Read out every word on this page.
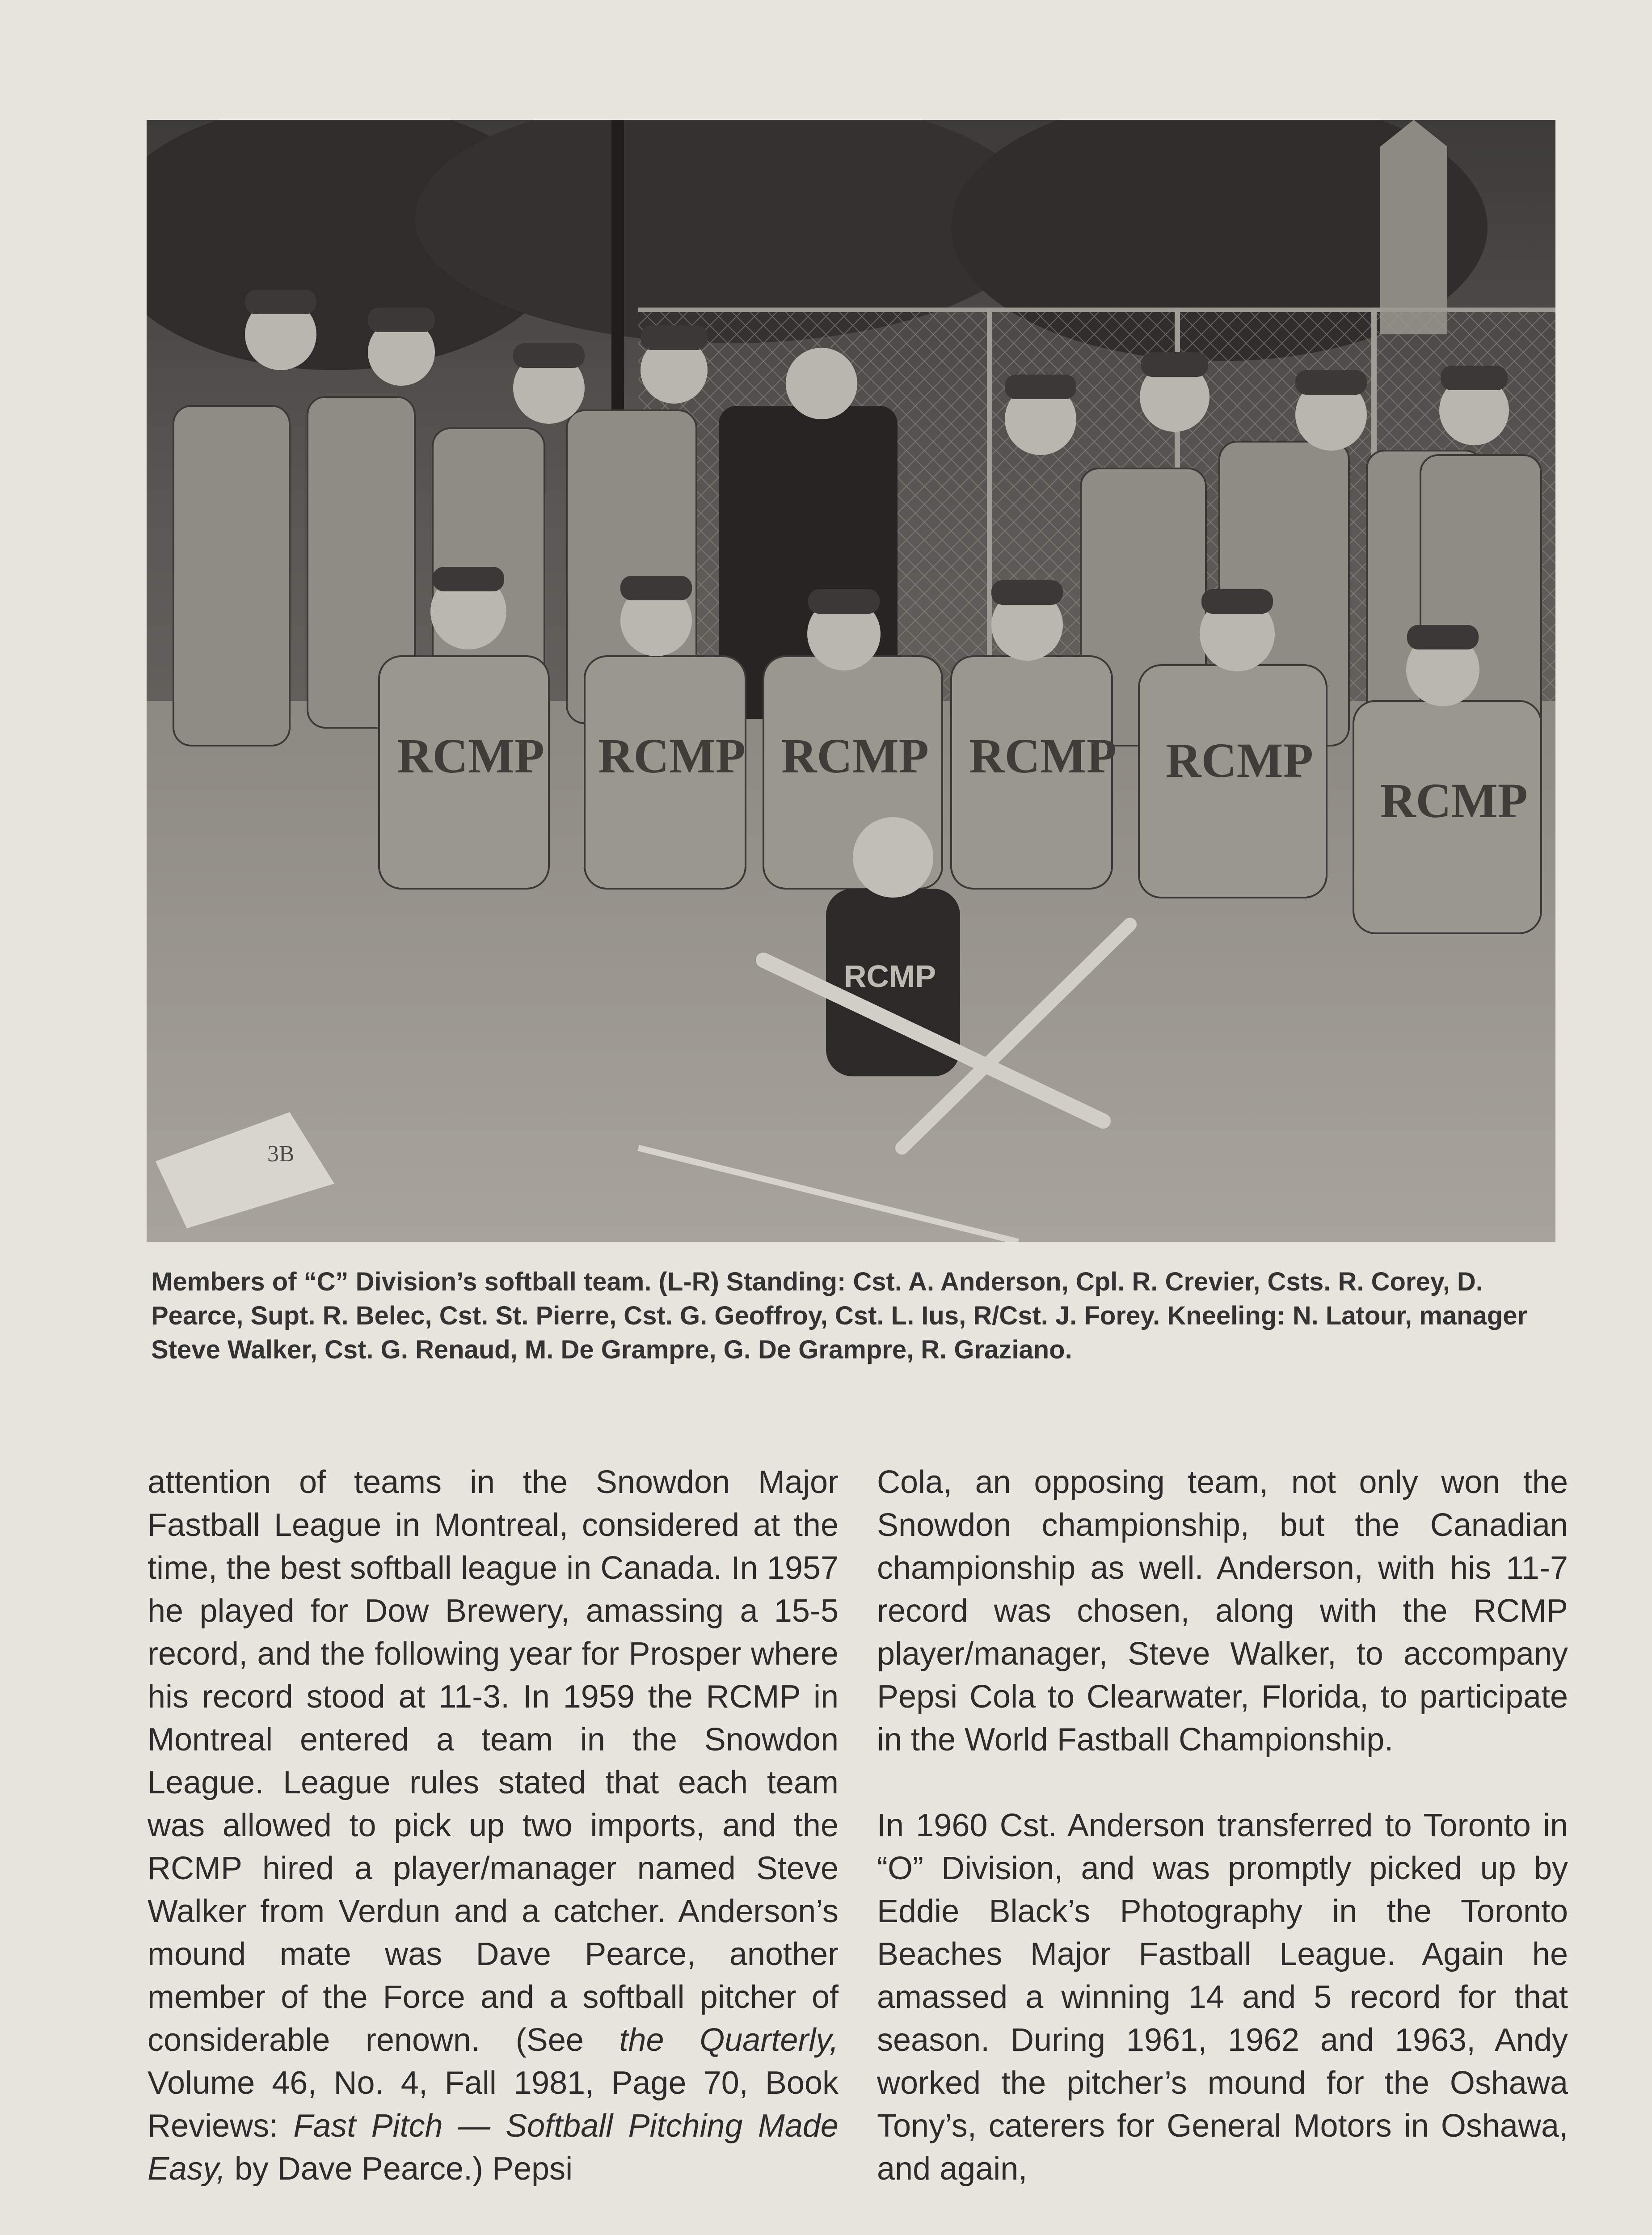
RCMP RCMP RCMP RCMP RCMP
RCMP
RCMP
3B

Members of “C” Division’s softball team. (L-R) Standing: Cst. A. Anderson, Cpl. R. Crevier, Csts. R. Corey, D. Pearce, Supt. R. Belec, Cst. St. Pierre, Cst. G. Geoffroy, Cst. L. Ius, R/Cst. J. Forey. Kneeling: N. Latour, manager Steve Walker, Cst. G. Renaud, M. De Grampre, G. De Grampre, R. Graziano.

attention of teams in the Snowdon Major Fastball League in Montreal, considered at the time, the best softball league in Canada. In 1957 he played for Dow Brewery, amassing a 15-5 record, and the following year for Prosper where his record stood at 11-3. In 1959 the RCMP in Montreal entered a team in the Snowdon League. League rules stated that each team was allowed to pick up two imports, and the RCMP hired a player/manager named Steve Walker from Verdun and a catcher. Anderson’s mound mate was Dave Pearce, another member of the Force and a softball pitcher of considerable renown. (See the Quarterly, Volume 46, No. 4, Fall 1981, Page 70, Book Reviews: Fast Pitch — Softball Pitching Made Easy, by Dave Pearce.) Pepsi

Cola, an opposing team, not only won the Snowdon championship, but the Canadian championship as well. Anderson, with his 11-7 record was chosen, along with the RCMP player/manager, Steve Walker, to accompany Pepsi Cola to Clearwater, Florida, to participate in the World Fastball Championship.

In 1960 Cst. Anderson transferred to Toronto in “O” Division, and was promptly picked up by Eddie Black’s Photography in the Toronto Beaches Major Fastball League. Again he amassed a winning 14 and 5 record for that season. During 1961, 1962 and 1963, Andy worked the pitcher’s mound for the Oshawa Tony’s, caterers for General Motors in Oshawa, and again,
